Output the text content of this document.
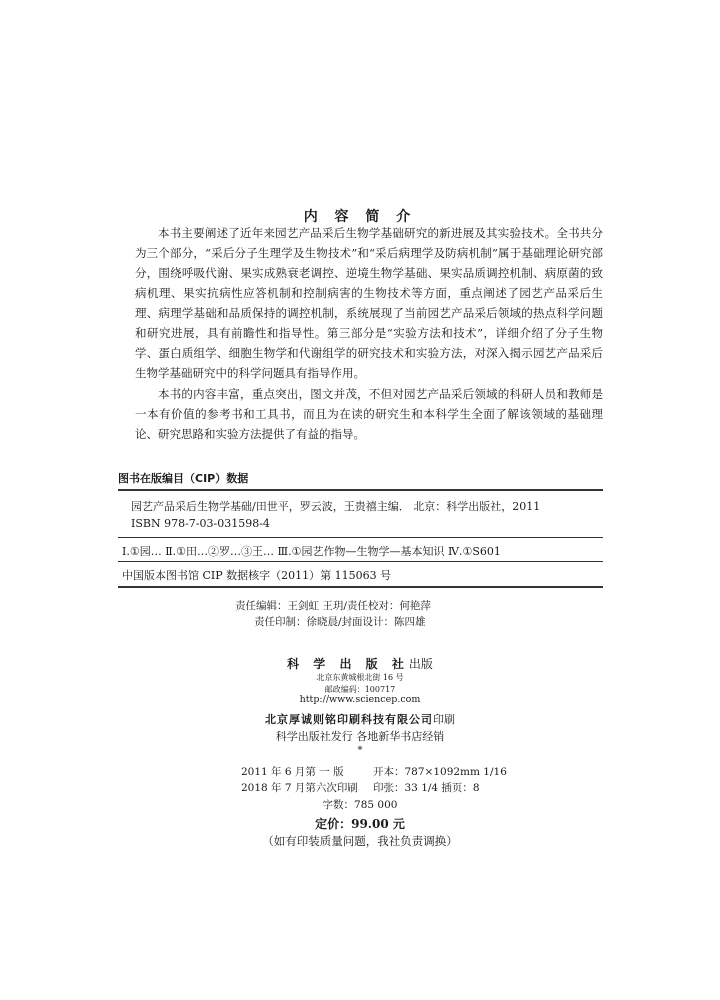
内 容 简 介

本书主要阐述了近年来园艺产品采后生物学基础研究的新进展及其实验技术。全书共分为三个部分，“采后分子生理学及生物技术”和“采后病理学及防病机制”属于基础理论研究部分，围绕呼吸代谢、果实成熟衰老调控、逆境生物学基础、果实品质调控机制、病原菌的致病机理、果实抗病性应答机制和控制病害的生物技术等方面，重点阐述了园艺产品采后生理、病理学基础和品质保持的调控机制，系统展现了当前园艺产品采后领域的热点科学问题和研究进展，具有前瞻性和指导性。第三部分是“实验方法和技术”，详细介绍了分子生物学、蛋白质组学、细胞生物学和代谢组学的研究技术和实验方法，对深入揭示园艺产品采后生物学基础研究中的科学问题具有指导作用。

本书的内容丰富，重点突出，图文并茂，不但对园艺产品采后领域的科研人员和教师是一本有价值的参考书和工具书，而且为在读的研究生和本科学生全面了解该领域的基础理论、研究思路和实验方法提供了有益的指导。

图书在版编目（CIP）数据
园艺产品采后生物学基础/田世平，罗云波，王贵禧主编． 北京：科学出版社，2011
ISBN 978-7-03-031598-4
Ⅰ.①园… Ⅱ.①田…②罗…③王… Ⅲ.①园艺作物—生物学—基本知识 Ⅳ.①S601
中国版本图书馆 CIP 数据核字（2011）第 115063 号
责任编辑：王剑虹 王玥/责任校对：何艳萍
责任印制：徐晓晨/封面设计：陈四雄
科 学 出 版 社出版
北京东黄城根北街 16 号
邮政编码：100717
http://www.sciencep.com
北京厚诚则铭印刷科技有限公司印刷
科学出版社发行 各地新华书店经销
*
2011 年 6 月第 一 版	开本：787×1092mm 1/16
2018 年 7 月第六次印刷 印张：33 1/4 插页：8
字数：785 000
定价：99.00 元
（如有印装质量问题，我社负责调换）
